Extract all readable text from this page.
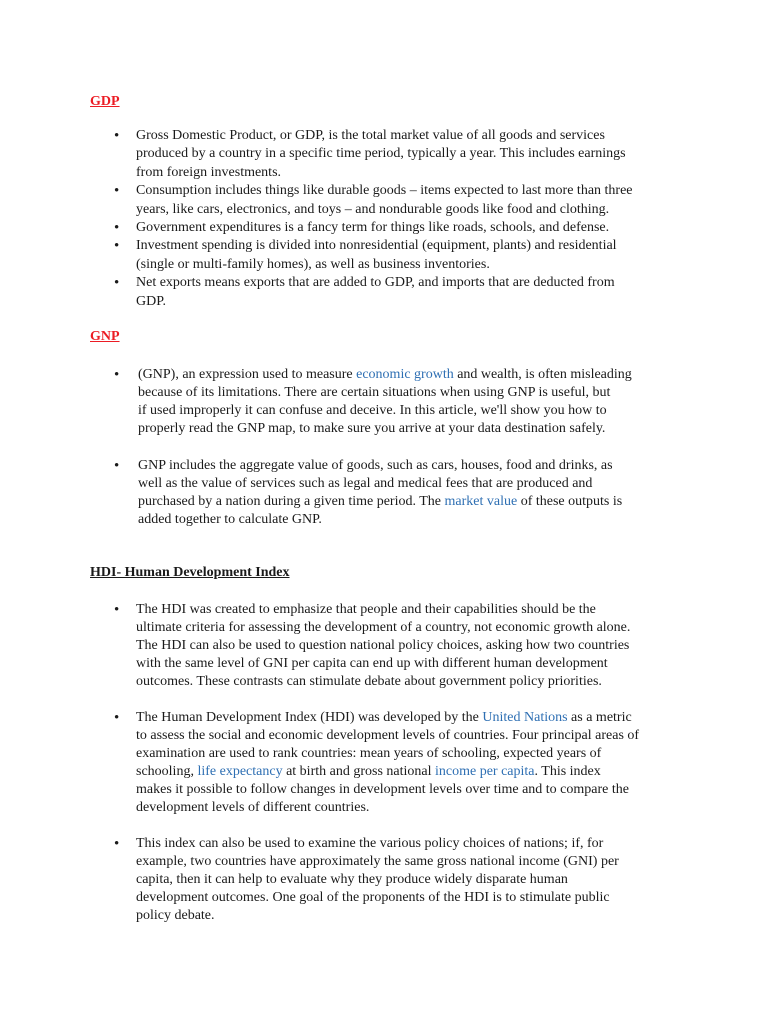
GDP
• Gross Domestic Product, or GDP, is the total market value of all goods and services
produced by a country in a specific time period, typically a year. This includes earnings
from foreign investments.
• Consumption includes things like durable goods – items expected to last more than three
years, like cars, electronics, and toys – and nondurable goods like food and clothing.
• Government expenditures is a fancy term for things like roads, schools, and defense.
• Investment spending is divided into nonresidential (equipment, plants) and residential
(single or multi-family homes), as well as business inventories.
• Net exports means exports that are added to GDP, and imports that are deducted from
GDP.
GNP
• (GNP), an expression used to measure economic growth and wealth, is often misleading
because of its limitations. There are certain situations when using GNP is useful, but
if used improperly it can confuse and deceive. In this article, we'll show you how to
properly read the GNP map, to make sure you arrive at your data destination safely.
• GNP includes the aggregate value of goods, such as cars, houses, food and drinks, as
well as the value of services such as legal and medical fees that are produced and
purchased by a nation during a given time period. The market value of these outputs is
added together to calculate GNP.
HDI- Human Development Index
• The HDI was created to emphasize that people and their capabilities should be the
ultimate criteria for assessing the development of a country, not economic growth alone.
The HDI can also be used to question national policy choices, asking how two countries
with the same level of GNI per capita can end up with different human development
outcomes. These contrasts can stimulate debate about government policy priorities.
• The Human Development Index (HDI) was developed by the United Nations as a metric
to assess the social and economic development levels of countries. Four principal areas of
examination are used to rank countries: mean years of schooling, expected years of
schooling, life expectancy at birth and gross national income per capita. This index
makes it possible to follow changes in development levels over time and to compare the
development levels of different countries.
• This index can also be used to examine the various policy choices of nations; if, for
example, two countries have approximately the same gross national income (GNI) per
capita, then it can help to evaluate why they produce widely disparate human
development outcomes. One goal of the proponents of the HDI is to stimulate public
policy debate.
